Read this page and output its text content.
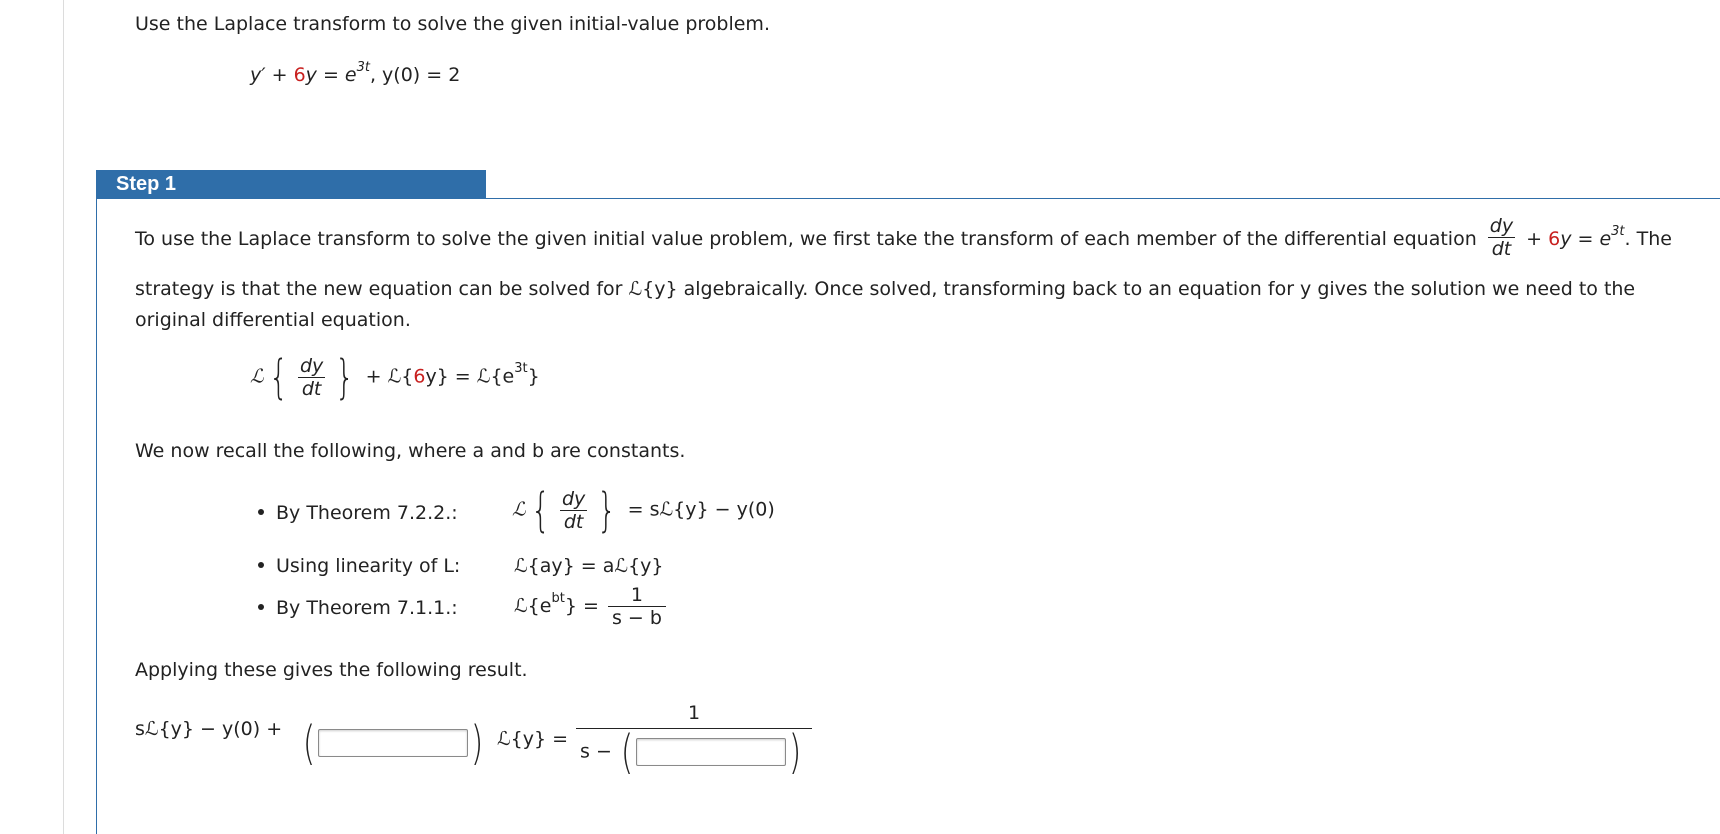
Use the Laplace transform to solve the given initial-value problem.
$y' + 6y = e^{3t}$, y(0) = 2
Step 1
To use the Laplace transform to solve the given initial value problem, we first take the transform of each member of the differential equation $\frac{dy}{dt} + 6y = e^{3t}$. The
strategy is that the new equation can be solved for ℒ{y} algebraically. Once solved, transforming back to an equation for y gives the solution we need to the
original differential equation.
ℒ { $\frac{dy}{dt}$ } + ℒ{6y} = $ℒ\{e^{3t}\}$
We now recall the following, where a and b are constants.
By Theorem 7.2.2.:	ℒ { $\frac{dy}{dt}$ } = sℒ{y} − y(0)
Using linearity of L:	ℒ{ay} = aℒ{y}
By Theorem 7.1.1.:	$ℒ\{e^{bt}\} = \frac{1}{s - b}$
Applying these gives the following result.
sℒ{y} − y(0) + (	) ℒ{y} =
1
s − (	)
